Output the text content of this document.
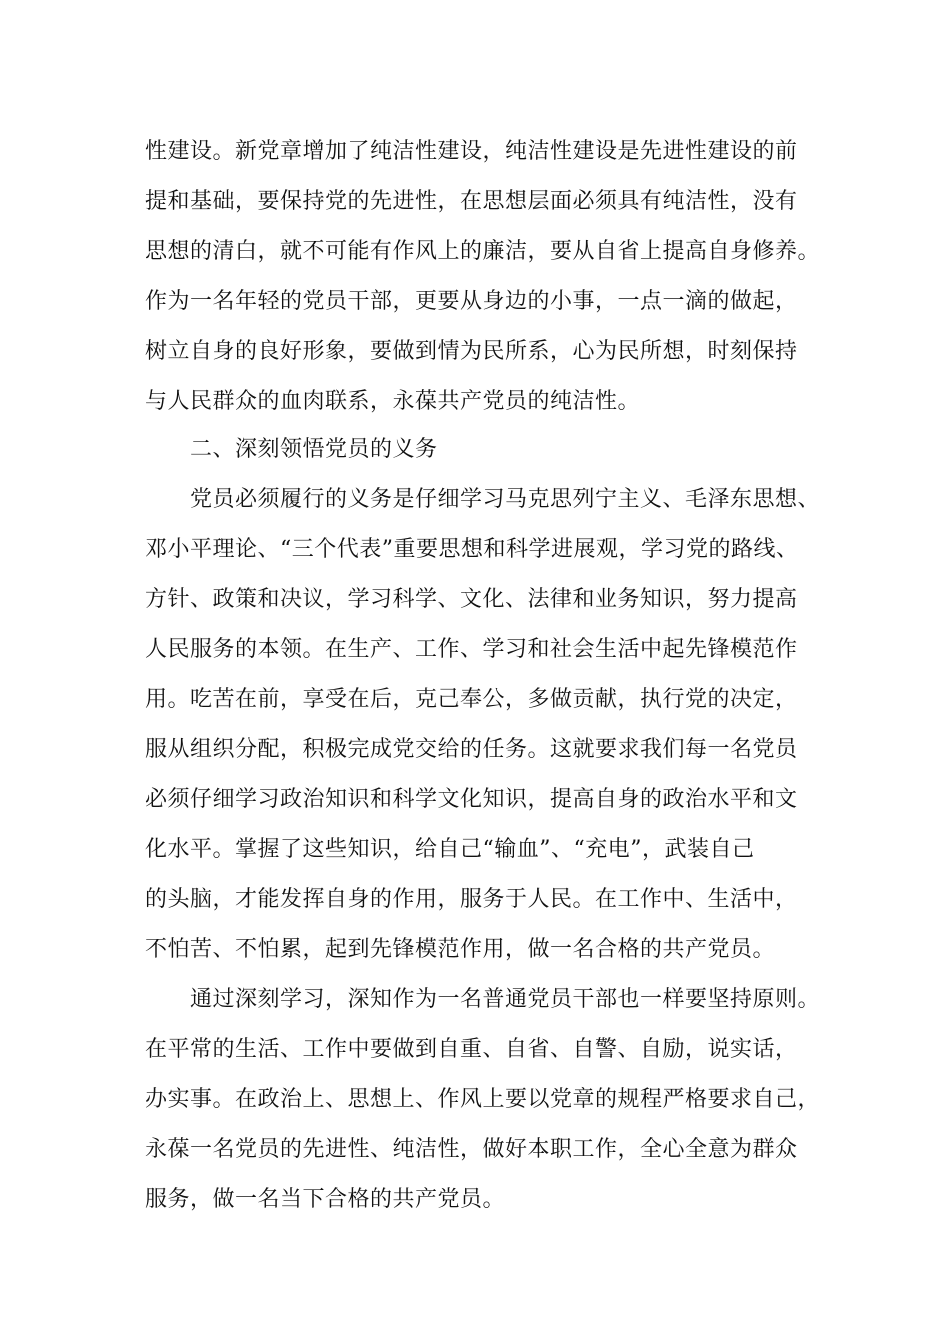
性建设。新党章增加了纯洁性建设，纯洁性建设是先进性建设的前
提和基础，要保持党的先进性，在思想层面必须具有纯洁性，没有
思想的清白，就不可能有作风上的廉洁，要从自省上提高自身修养。
作为一名年轻的党员干部，更要从身边的小事，一点一滴的做起，
树立自身的良好形象，要做到情为民所系，心为民所想，时刻保持
与人民群众的血肉联系，永葆共产党员的纯洁性。
二、深刻领悟党员的义务
党员必须履行的义务是仔细学习马克思列宁主义、毛泽东思想、
邓小平理论、“三个代表”重要思想和科学进展观，学习党的路线、
方针、政策和决议，学习科学、文化、法律和业务知识，努力提高
人民服务的本领。在生产、工作、学习和社会生活中起先锋模范作
用。吃苦在前，享受在后，克己奉公，多做贡献，执行党的决定，
服从组织分配，积极完成党交给的任务。这就要求我们每一名党员
必须仔细学习政治知识和科学文化知识，提高自身的政治水平和文
化水平。掌握了这些知识，给自己“输血”、“充电”，武装自己
的头脑，才能发挥自身的作用，服务于人民。在工作中、生活中，
不怕苦、不怕累，起到先锋模范作用，做一名合格的共产党员。
通过深刻学习，深知作为一名普通党员干部也一样要坚持原则。
在平常的生活、工作中要做到自重、自省、自警、自励，说实话，
办实事。在政治上、思想上、作风上要以党章的规程严格要求自己，
永葆一名党员的先进性、纯洁性，做好本职工作，全心全意为群众
服务，做一名当下合格的共产党员。
